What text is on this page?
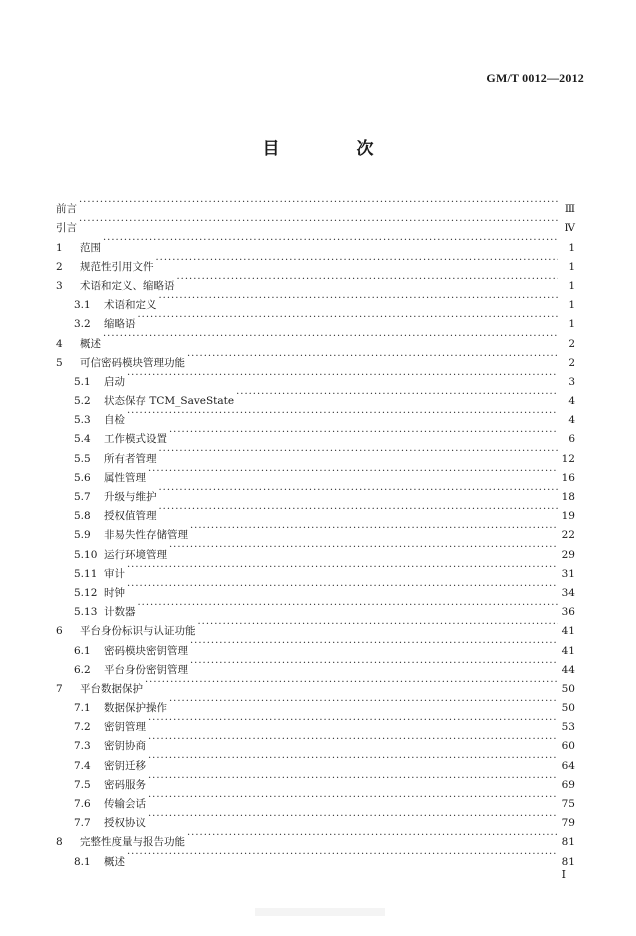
GM/T 0012—2012
目　次
前言 ·····	Ⅲ
引言 ·····	Ⅳ
1	范围 ·····	1
2	规范性引用文件 ·····	1
3	术语和定义、缩略语 ·····	1
3.1	术语和定义 ·····	1
3.2	缩略语 ·····	1
4	概述 ·····	2
5	可信密码模块管理功能 ·····	2
5.1	启动 ·····	3
5.2	状态保存 TCM_SaveState ·····	4
5.3	自检 ·····	4
5.4	工作模式设置 ·····	6
5.5	所有者管理 ·····	12
5.6	属性管理 ·····	16
5.7	升级与维护 ·····	18
5.8	授权值管理 ·····	19
5.9	非易失性存储管理 ·····	22
5.10 运行环境管理 ·····	29
5.11 审计 ·····	31
5.12 时钟 ·····	34
5.13 计数器 ·····	36
6	平台身份标识与认证功能 ·····	41
6.1	密码模块密钥管理 ·····	41
6.2	平台身份密钥管理 ·····	44
7	平台数据保护 ·····	50
7.1	数据保护操作 ·····	50
7.2	密钥管理 ·····	53
7.3	密钥协商 ·····	60
7.4	密钥迁移 ·····	64
7.5	密码服务 ·····	69
7.6	传输会话 ·····	75
7.7	授权协议 ·····	79
8	完整性度量与报告功能 ·····	81
8.1	概述 ·····	81
Ⅰ
